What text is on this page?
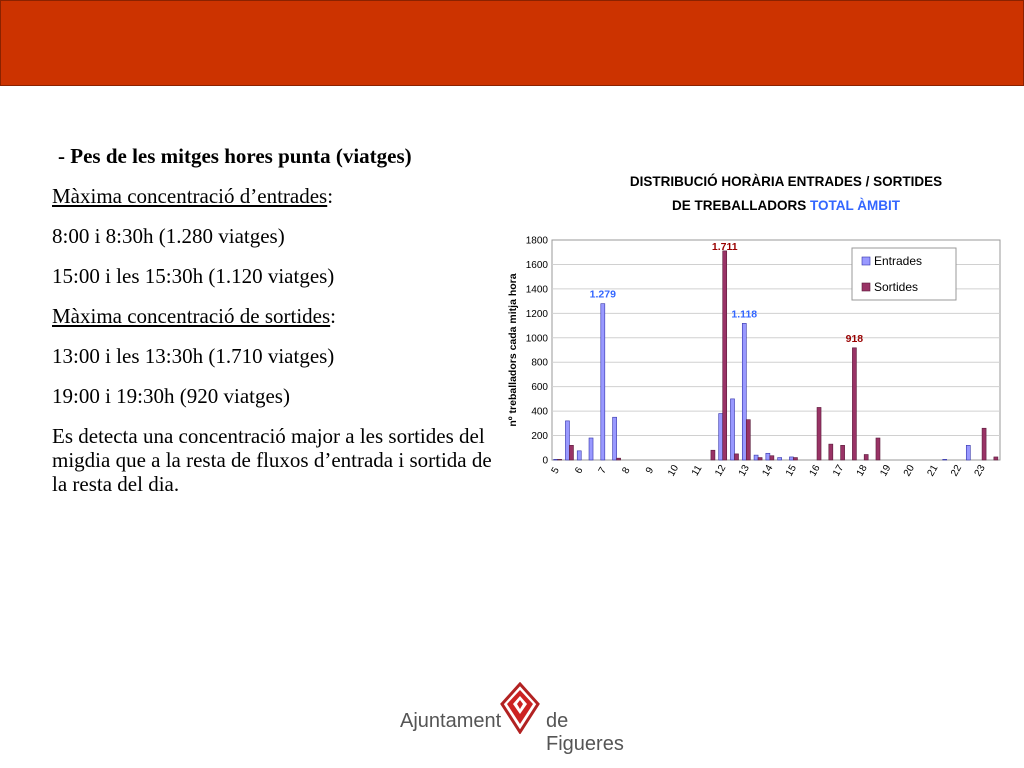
- Pes de les mitges hores punta (viatges)

Màxima concentració d’entrades:

8:00 i 8:30h (1.280 viatges)

15:00 i les 15:30h (1.120 viatges)

Màxima concentració de sortides:

13:00 i les 13:30h (1.710 viatges)

19:00 i 19:30h (920 viatges)

Es detecta una concentració major a les sortides del migdia que a la resta de fluxos d’entrada i sortida de la resta del dia.

DISTRIBUCIÓ HORÀRIA ENTRADES / SORTIDES
DE TREBALLADORS TOTAL ÀMBIT
0
200
400
600
800
1000
1200
1400
1600
1800
5 6 7 8 9 10 11 12 13 14 15 16 17 18 19 20 21 22 23
1.279
1.711
1.118
918
nº treballadors cada mitja hora
Entrades
Sortides
Ajuntament de Figueres
